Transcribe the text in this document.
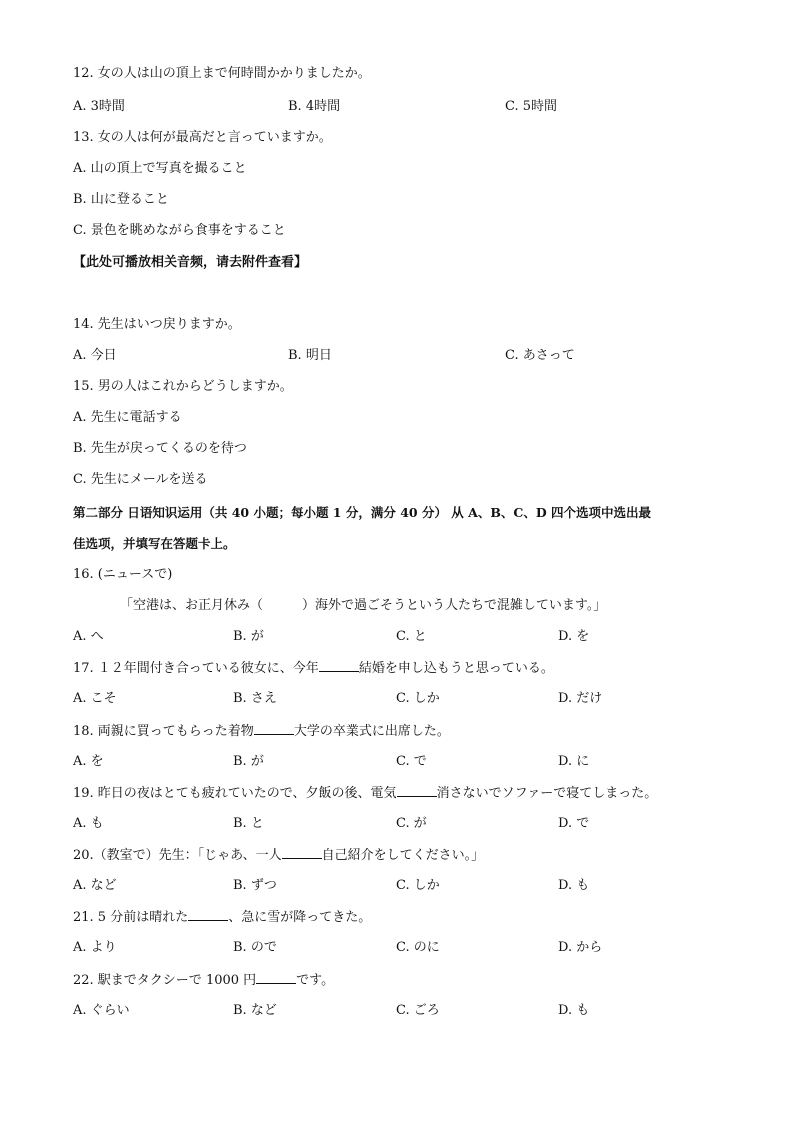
12. 女の人は山の頂上まで何時間かかりましたか。
A. 3時間	B. 4時間	C. 5時間
13. 女の人は何が最高だと言っていますか。
A. 山の頂上で写真を撮ること
B. 山に登ること
C. 景色を眺めながら食事をすること
【此处可播放相关音频，请去附件查看】
14. 先生はいつ戻りますか。
A. 今日	B. 明日	C. あさって
15. 男の人はこれからどうしますか。
A. 先生に電話する
B. 先生が戻ってくるのを待つ
C. 先生にメールを送る
第二部分 日语知识运用（共 40 小题；每小题 1 分，满分 40 分） 从 A、B、C、D 四个选项中选出最
佳选项，并填写在答题卡上。
16. (ニュースで)
「空港は、お正月休み（　　　）海外で過ごそうという人たちで混雑しています。」
A. へ	B. が	C. と	D. を
17. １２年間付き合っている彼女に、今年	結婚を申し込もうと思っている。
A. こそ	B. さえ	C. しか	D. だけ
18. 両親に買ってもらった着物	大学の卒業式に出席した。
A. を	B. が	C. で	D. に
19. 昨日の夜はとても疲れていたので、夕飯の後、電気	消さないでソファーで寝てしまった。
A. も	B. と	C. が	D. で
20.（教室で）先生：「じゃあ、一人	自己紹介をしてください。」
A. など	B. ずつ	C. しか	D. も
21. 5 分前は晴れた	、急に雪が降ってきた。
A. より	B. ので	C. のに	D. から
22. 駅までタクシーで 1000 円	です。
A. ぐらい	B. など	C. ごろ	D. も
